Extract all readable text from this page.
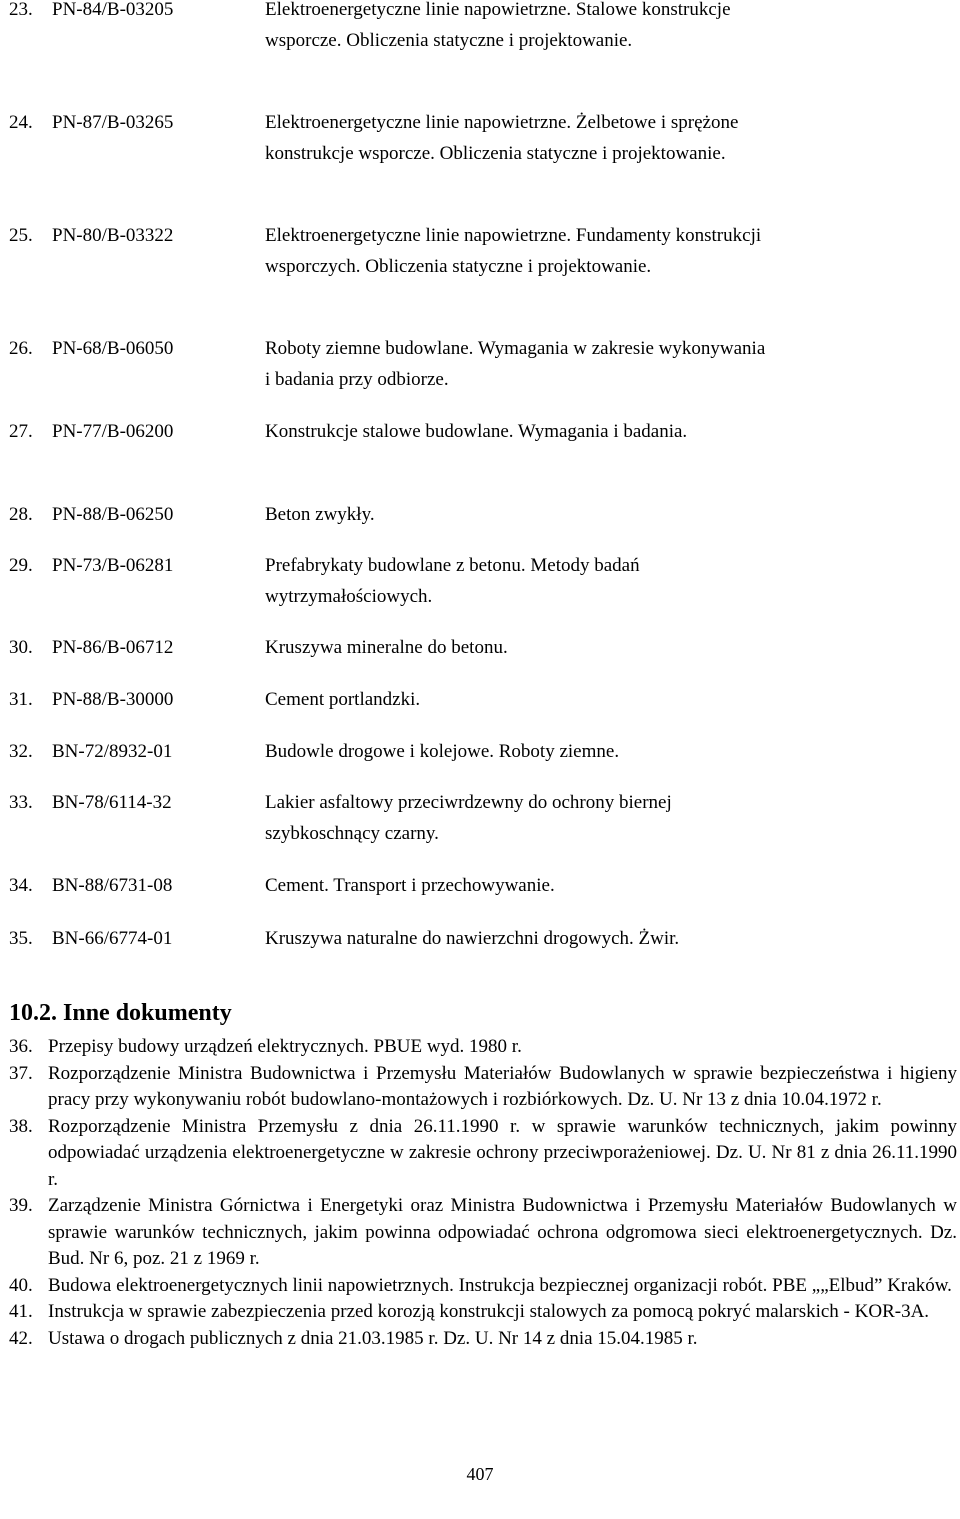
23. PN-84/B-03205	Elektroenergetyczne linie napowietrzne. Stalowe konstrukcje wsporcze. Obliczenia statyczne i projektowanie.
24. PN-87/B-03265	Elektroenergetyczne linie napowietrzne. Żelbetowe i sprężone konstrukcje wsporcze. Obliczenia statyczne i projektowanie.
25. PN-80/B-03322	Elektroenergetyczne linie napowietrzne. Fundamenty konstrukcji wsporczych. Obliczenia statyczne i projektowanie.
26. PN-68/B-06050	Roboty ziemne budowlane. Wymagania w zakresie wykonywania i badania przy odbiorze.
27. PN-77/B-06200	Konstrukcje stalowe budowlane. Wymagania i badania.
28. PN-88/B-06250	Beton zwykły.
29. PN-73/B-06281	Prefabrykaty budowlane z betonu. Metody badań wytrzymałościowych.
30. PN-86/B-06712	Kruszywa mineralne do betonu.
31. PN-88/B-30000	Cement portlandzki.
32. BN-72/8932-01	Budowle drogowe i kolejowe. Roboty ziemne.
33. BN-78/6114-32	Lakier asfaltowy przeciwrdzewny do ochrony biernej szybkoschnący czarny.
34. BN-88/6731-08	Cement. Transport i przechowywanie.
35. BN-66/6774-01	Kruszywa naturalne do nawierzchni drogowych. Żwir.
10.2. Inne dokumenty
36. Przepisy budowy urządzeń elektrycznych. PBUE wyd. 1980 r.
37. Rozporządzenie Ministra Budownictwa i Przemysłu Materiałów Budowlanych w sprawie bezpieczeństwa i higieny pracy przy wykonywaniu robót budowlano-montażowych i rozbiórkowych. Dz. U. Nr 13 z dnia 10.04.1972 r.
38. Rozporządzenie Ministra Przemysłu z dnia 26.11.1990 r. w sprawie warunków technicznych, jakim powinny odpowiadać urządzenia elektroenergetyczne w zakresie ochrony przeciwporażeniowej. Dz. U. Nr 81 z dnia 26.11.1990 r.
39. Zarządzenie Ministra Górnictwa i Energetyki oraz Ministra Budownictwa i Przemysłu Materiałów Budowlanych w sprawie warunków technicznych, jakim powinna odpowiadać ochrona odgromowa sieci elektroenergetycznych. Dz. Bud. Nr 6, poz. 21 z 1969 r.
40. Budowa elektroenergetycznych linii napowietrznych. Instrukcja bezpiecznej organizacji robót. PBE „„Elbud” Kraków.
41. Instrukcja w sprawie zabezpieczenia przed korozją konstrukcji stalowych za pomocą pokryć malarskich - KOR-3A.
42. Ustawa o drogach publicznych z dnia 21.03.1985 r. Dz. U. Nr 14 z dnia 15.04.1985 r.
407
